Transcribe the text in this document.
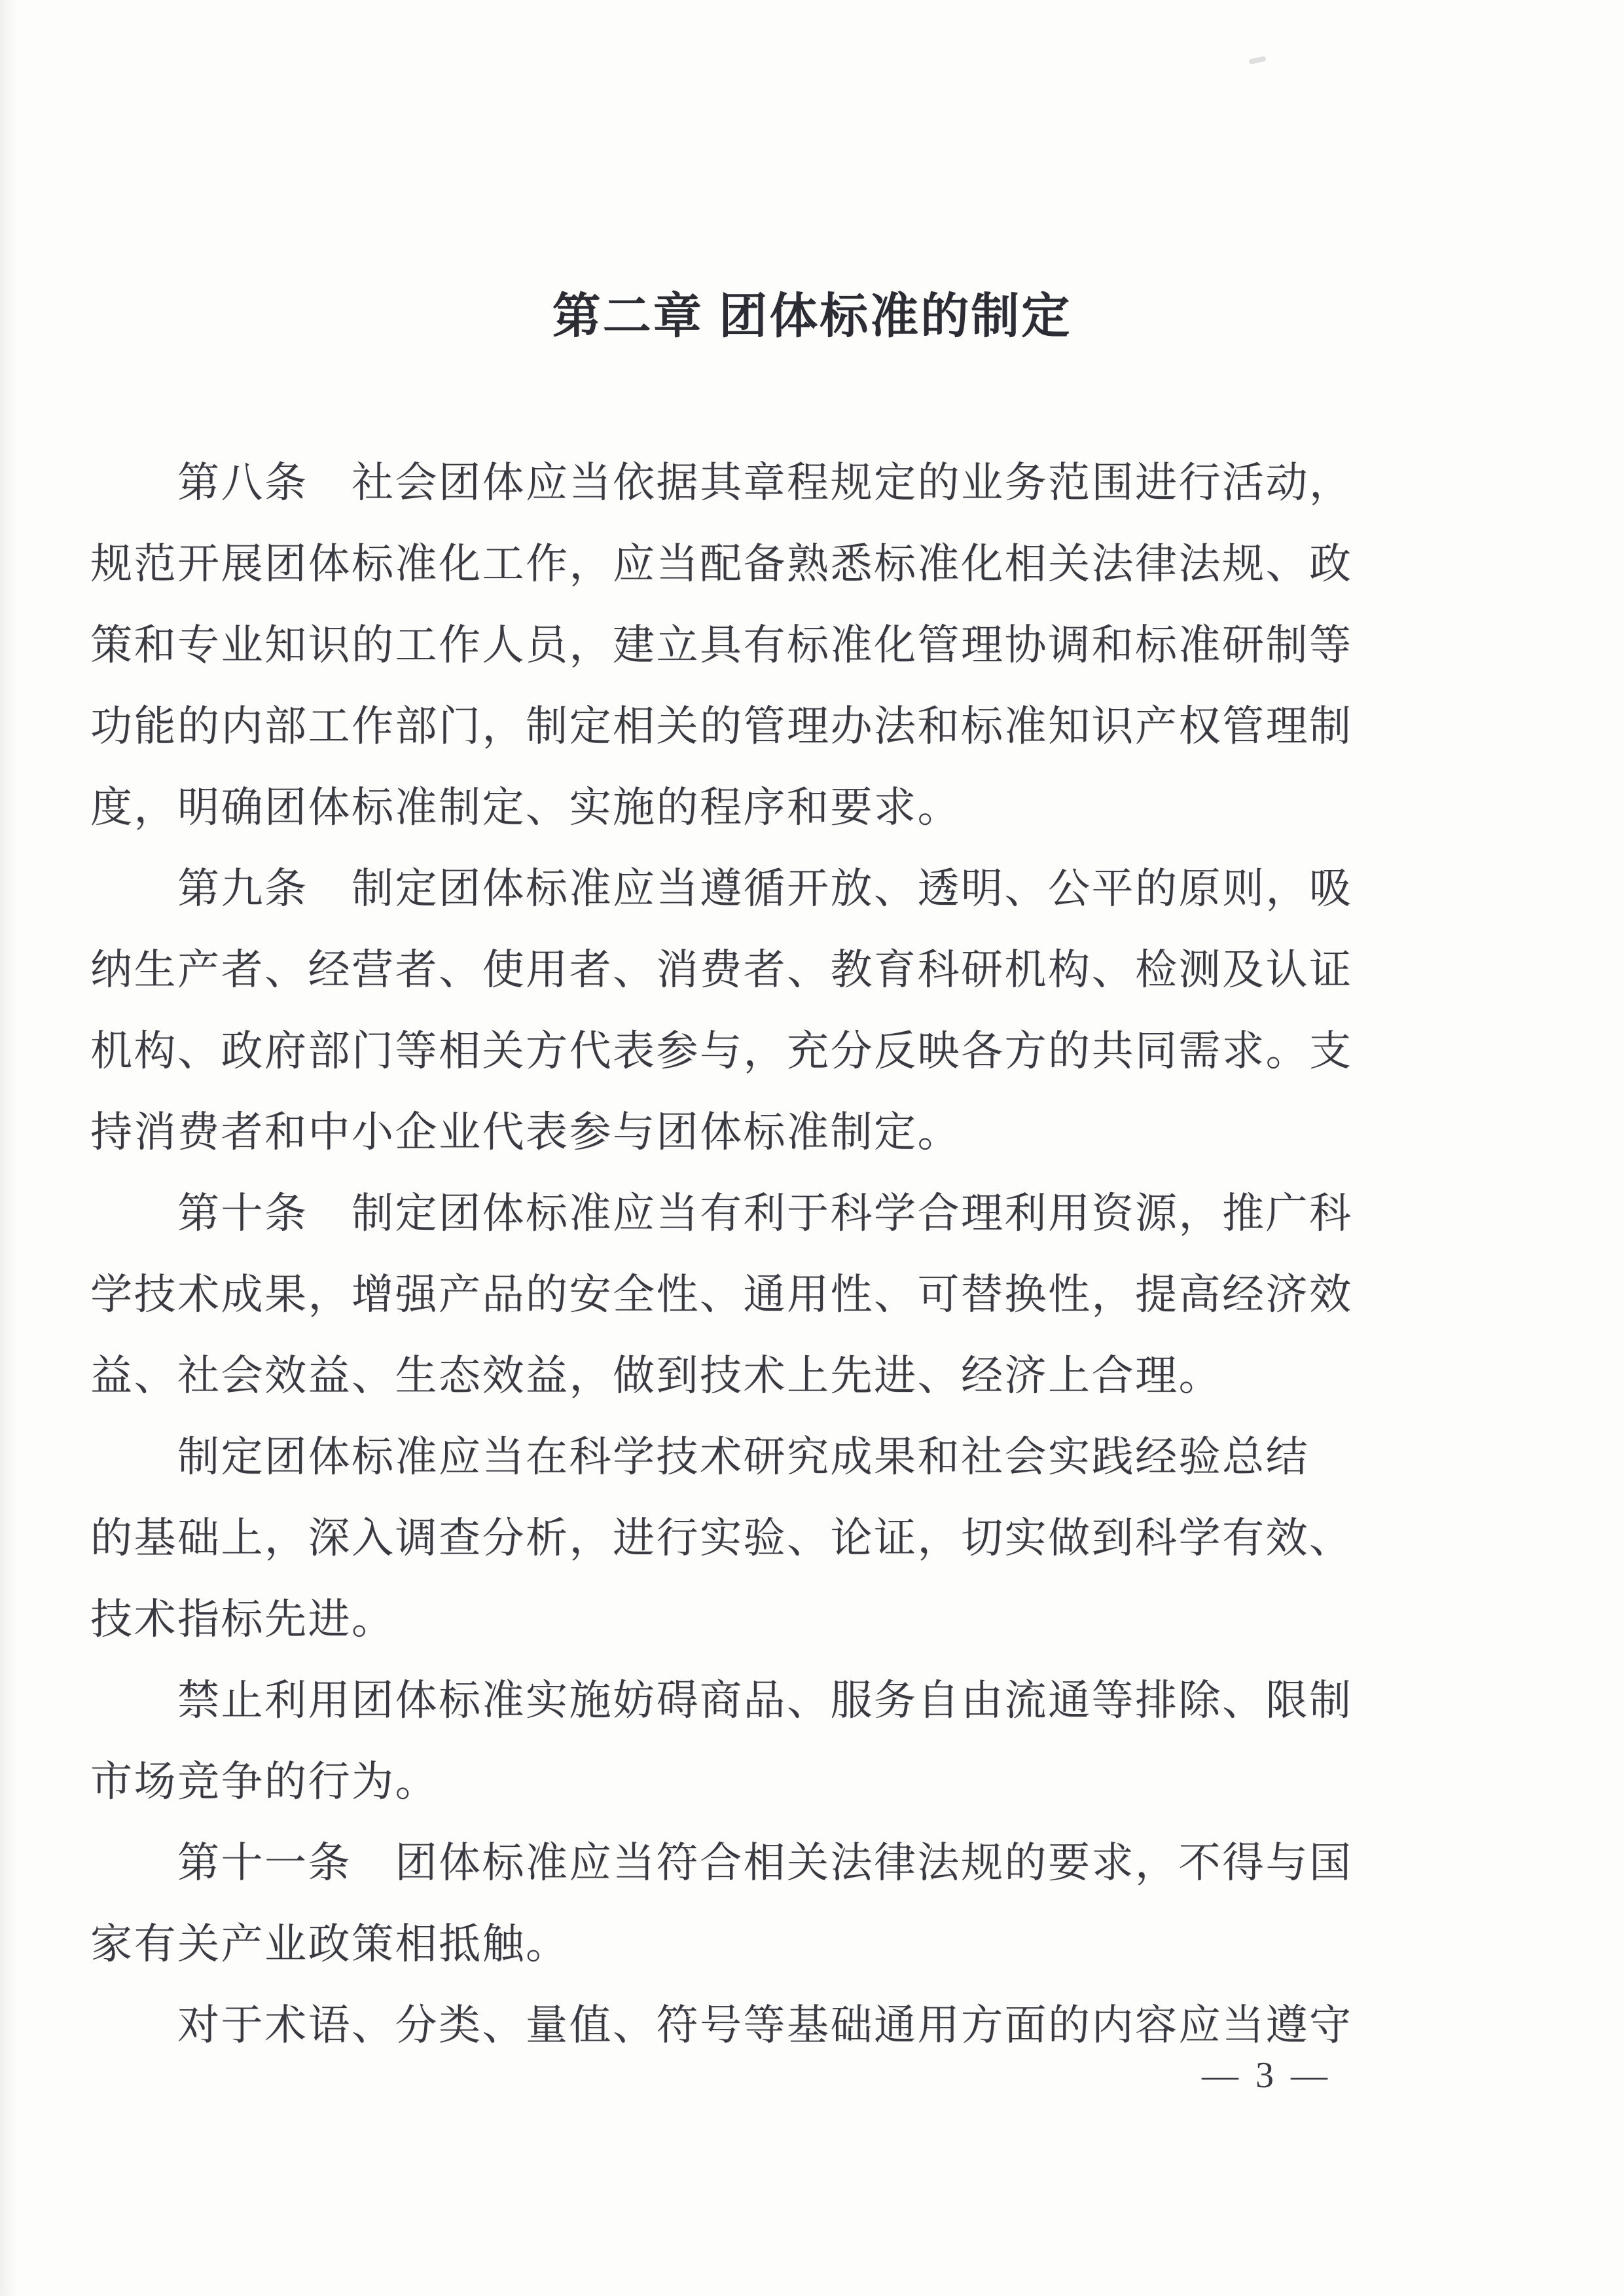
第二章 团体标准的制定
　　第八条　社会团体应当依据其章程规定的业务范围进行活动，
规范开展团体标准化工作，应当配备熟悉标准化相关法律法规、政
策和专业知识的工作人员，建立具有标准化管理协调和标准研制等
功能的内部工作部门，制定相关的管理办法和标准知识产权管理制
度，明确团体标准制定、实施的程序和要求。
　　第九条　制定团体标准应当遵循开放、透明、公平的原则，吸
纳生产者、经营者、使用者、消费者、教育科研机构、检测及认证
机构、政府部门等相关方代表参与，充分反映各方的共同需求。支
持消费者和中小企业代表参与团体标准制定。
　　第十条　制定团体标准应当有利于科学合理利用资源，推广科
学技术成果，增强产品的安全性、通用性、可替换性，提高经济效
益、社会效益、生态效益，做到技术上先进、经济上合理。
　　制定团体标准应当在科学技术研究成果和社会实践经验总结
的基础上，深入调查分析，进行实验、论证，切实做到科学有效、
技术指标先进。
　　禁止利用团体标准实施妨碍商品、服务自由流通等排除、限制
市场竞争的行为。
　　第十一条　团体标准应当符合相关法律法规的要求，不得与国
家有关产业政策相抵触。
　　对于术语、分类、量值、符号等基础通用方面的内容应当遵守
— 3 —
